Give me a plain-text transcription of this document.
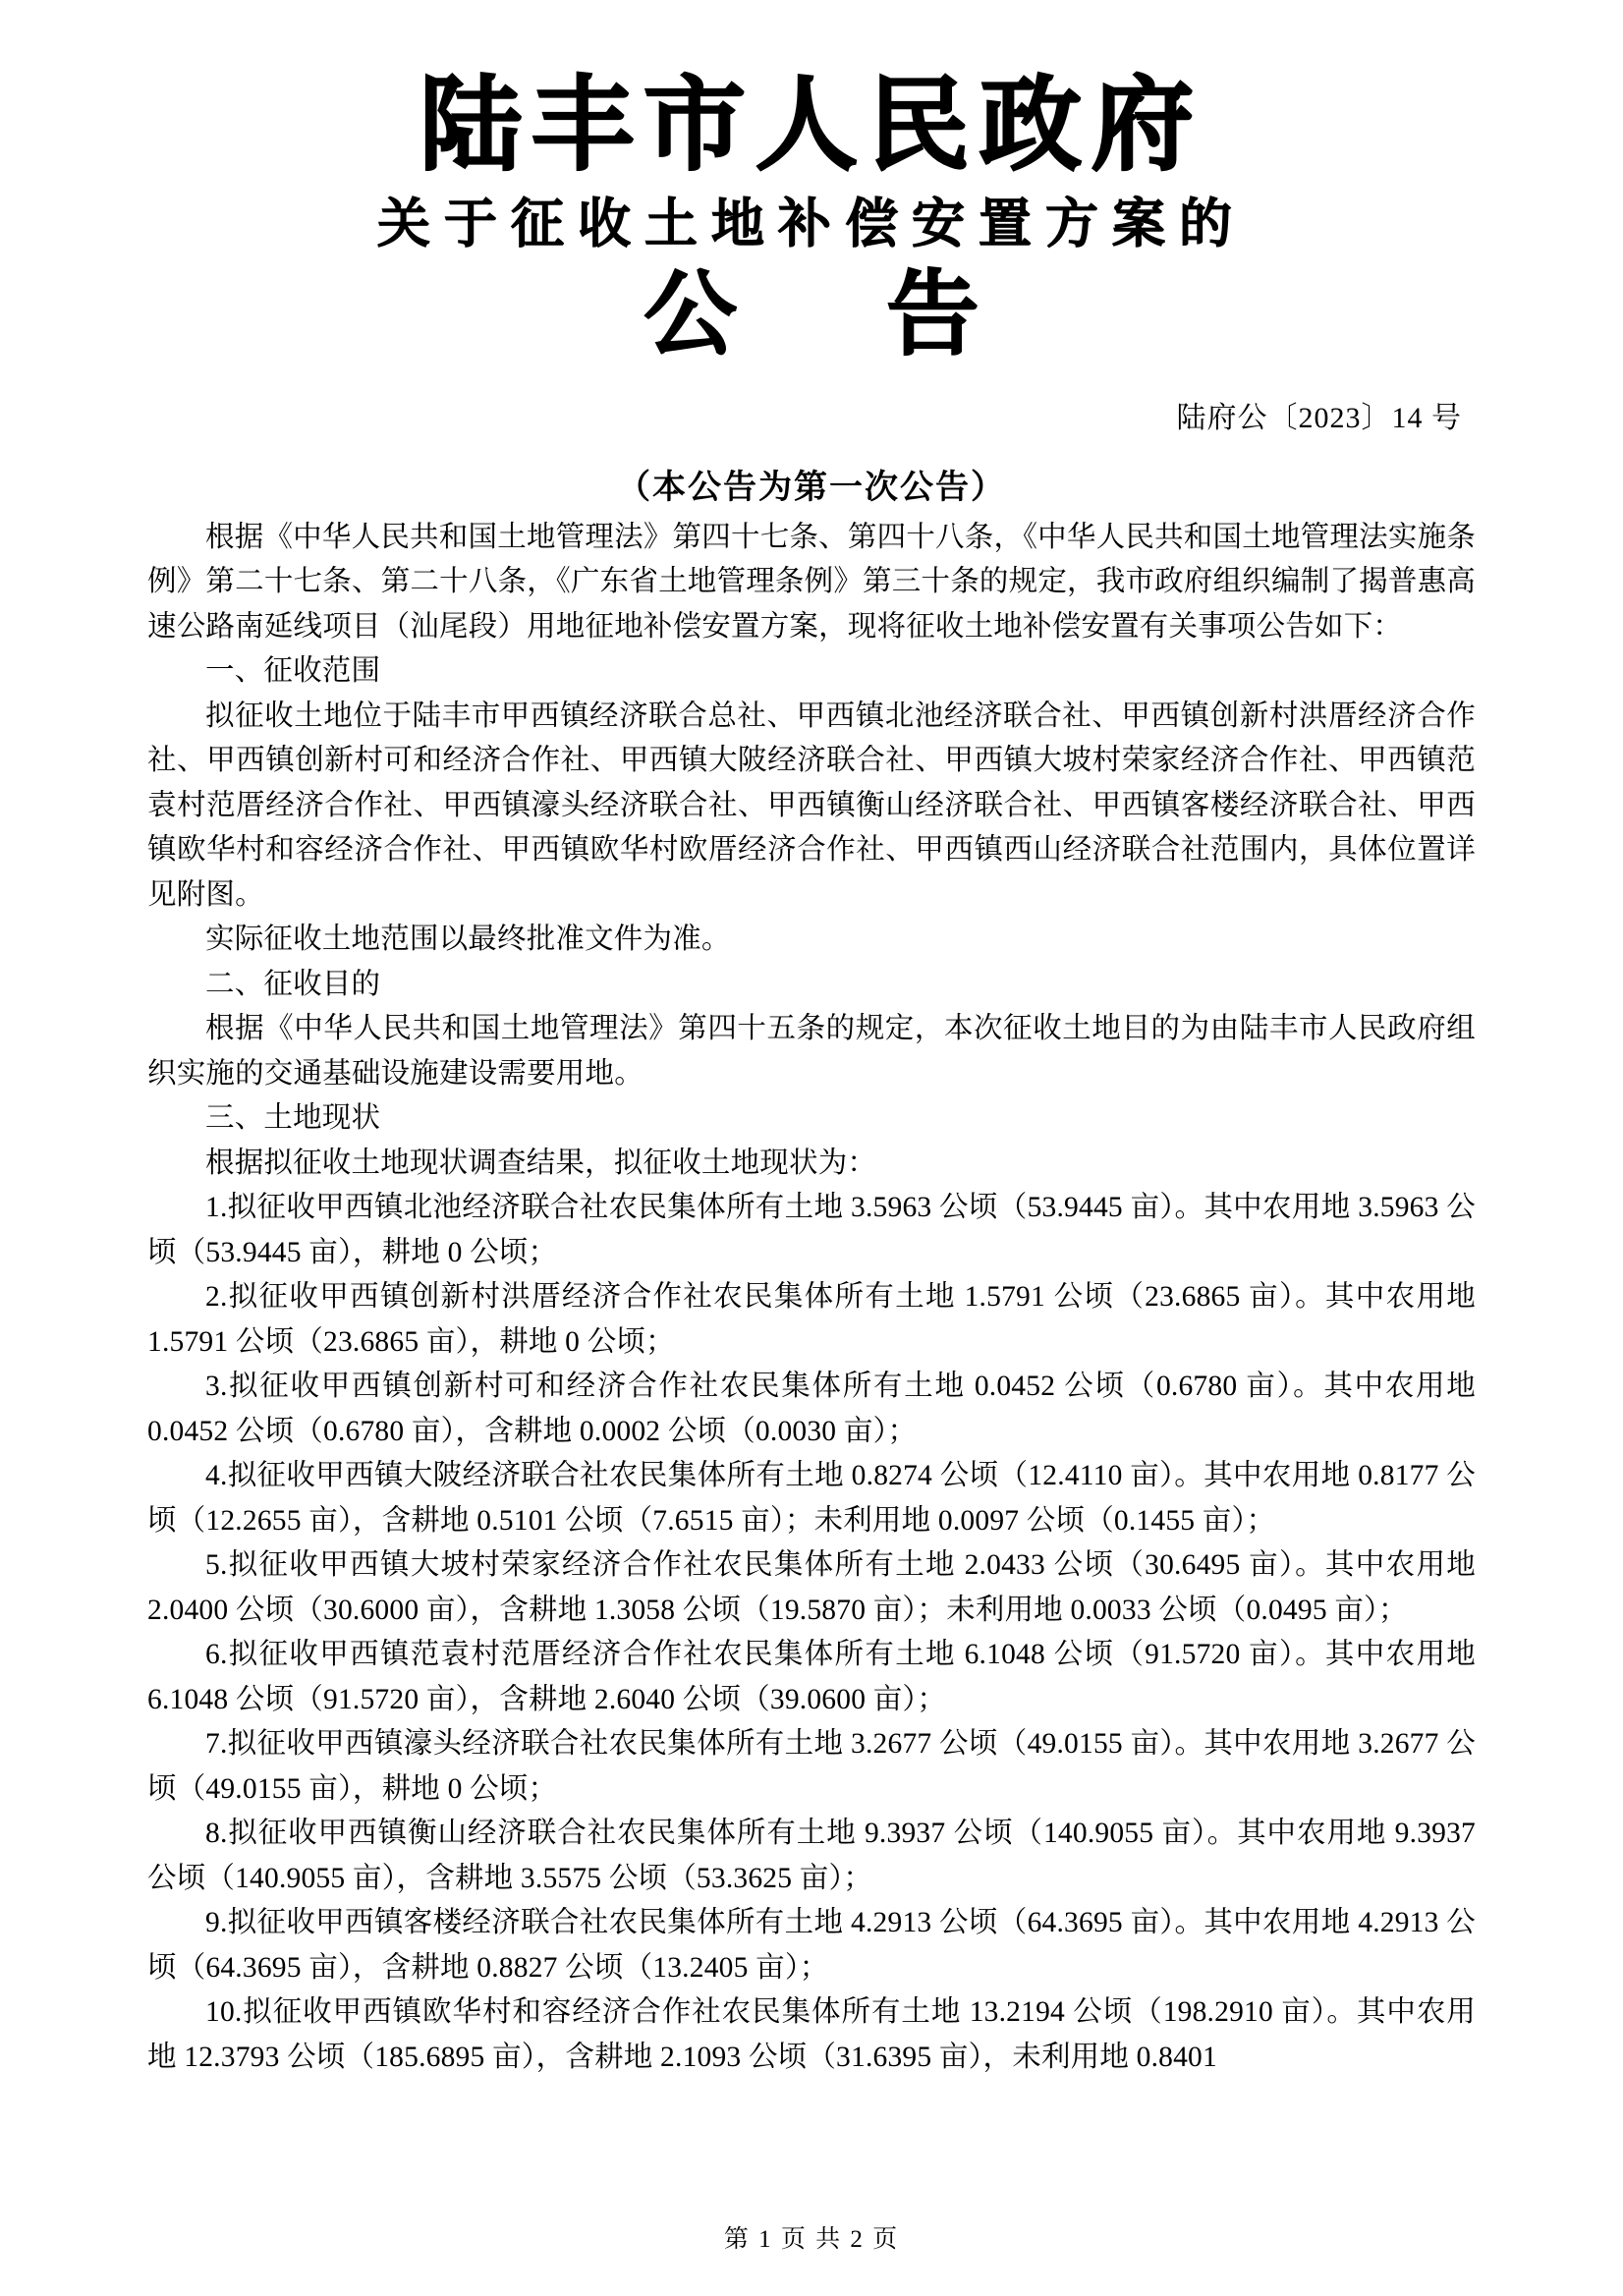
陆丰市人民政府
关于征收土地补偿安置方案的
公 告
陆府公〔2023〕14 号
（本公告为第一次公告）

根据《中华人民共和国土地管理法》第四十七条、第四十八条，《中华人民共和国土地管理法实施条例》第二十七条、第二十八条，《广东省土地管理条例》第三十条的规定，我市政府组织编制了揭普惠高速公路南延线项目（汕尾段）用地征地补偿安置方案，现将征收土地补偿安置有关事项公告如下：

一、征收范围

拟征收土地位于陆丰市甲西镇经济联合总社、甲西镇北池经济联合社、甲西镇创新村洪厝经济合作社、甲西镇创新村可和经济合作社、甲西镇大陂经济联合社、甲西镇大坡村荣家经济合作社、甲西镇范袁村范厝经济合作社、甲西镇濠头经济联合社、甲西镇衡山经济联合社、甲西镇客楼经济联合社、甲西镇欧华村和容经济合作社、甲西镇欧华村欧厝经济合作社、甲西镇西山经济联合社范围内，具体位置详见附图。

实际征收土地范围以最终批准文件为准。

二、征收目的

根据《中华人民共和国土地管理法》第四十五条的规定，本次征收土地目的为由陆丰市人民政府组织实施的交通基础设施建设需要用地。

三、土地现状

根据拟征收土地现状调查结果，拟征收土地现状为：

1.拟征收甲西镇北池经济联合社农民集体所有土地 3.5963 公顷（53.9445 亩）。其中农用地 3.5963 公顷（53.9445 亩），耕地 0 公顷；

2.拟征收甲西镇创新村洪厝经济合作社农民集体所有土地 1.5791 公顷（23.6865 亩）。其中农用地 1.5791 公顷（23.6865 亩），耕地 0 公顷；

3.拟征收甲西镇创新村可和经济合作社农民集体所有土地 0.0452 公顷（0.6780 亩）。其中农用地 0.0452 公顷（0.6780 亩），含耕地 0.0002 公顷（0.0030 亩）；

4.拟征收甲西镇大陂经济联合社农民集体所有土地 0.8274 公顷（12.4110 亩）。其中农用地 0.8177 公顷（12.2655 亩），含耕地 0.5101 公顷（7.6515 亩）；未利用地 0.0097 公顷（0.1455 亩）；

5.拟征收甲西镇大坡村荣家经济合作社农民集体所有土地 2.0433 公顷（30.6495 亩）。其中农用地 2.0400 公顷（30.6000 亩），含耕地 1.3058 公顷（19.5870 亩）；未利用地 0.0033 公顷（0.0495 亩）；

6.拟征收甲西镇范袁村范厝经济合作社农民集体所有土地 6.1048 公顷（91.5720 亩）。其中农用地 6.1048 公顷（91.5720 亩），含耕地 2.6040 公顷（39.0600 亩）；

7.拟征收甲西镇濠头经济联合社农民集体所有土地 3.2677 公顷（49.0155 亩）。其中农用地 3.2677 公顷（49.0155 亩），耕地 0 公顷；

8.拟征收甲西镇衡山经济联合社农民集体所有土地 9.3937 公顷（140.9055 亩）。其中农用地 9.3937 公顷（140.9055 亩），含耕地 3.5575 公顷（53.3625 亩）；

9.拟征收甲西镇客楼经济联合社农民集体所有土地 4.2913 公顷（64.3695 亩）。其中农用地 4.2913 公顷（64.3695 亩），含耕地 0.8827 公顷（13.2405 亩）；

10.拟征收甲西镇欧华村和容经济合作社农民集体所有土地 13.2194 公顷（198.2910 亩）。其中农用地 12.3793 公顷（185.6895 亩），含耕地 2.1093 公顷（31.6395 亩），未利用地 0.8401

第 1 页 共 2 页
